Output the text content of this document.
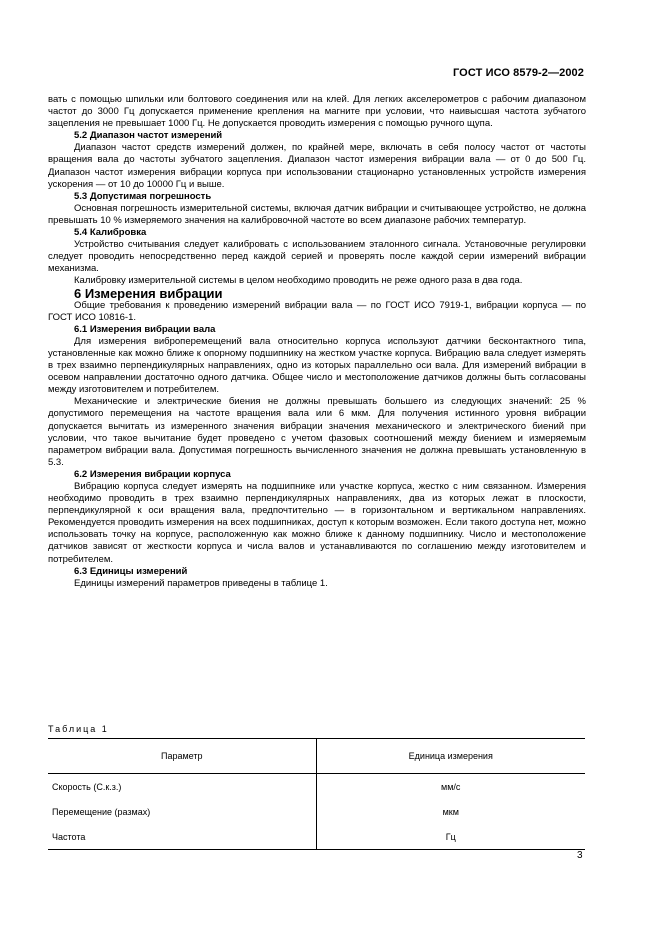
ГОСТ ИСО 8579-2—2002

вать с помощью шпильки или болтового соединения или на клей. Для легких акселерометров с рабочим диапазоном частот до 3000 Гц допускается применение крепления на магните при условии, что наивысшая частота зубчатого зацепления не превышает 1000 Гц. Не допускается проводить измерения с помощью ручного щупа.

5.2 Диапазон частот измерений

Диапазон частот средств измерений должен, по крайней мере, включать в себя полосу частот от частоты вращения вала до частоты зубчатого зацепления. Диапазон частот измерения вибрации вала — от 0 до 500 Гц. Диапазон частот измерения вибрации корпуса при использовании стационарно установленных устройств измерения ускорения — от 10 до 10000 Гц и выше.

5.3 Допустимая погрешность

Основная погрешность измерительной системы, включая датчик вибрации и считывающее устройство, не должна превышать 10 % измеряемого значения на калибровочной частоте во всем диапазоне рабочих температур.

5.4 Калибровка

Устройство считывания следует калибровать с использованием эталонного сигнала. Установочные регулировки следует проводить непосредственно перед каждой серией и проверять после каждой серии измерений вибрации механизма.

Калибровку измерительной системы в целом необходимо проводить не реже одного раза в два года.

6 Измерения вибрации

Общие требования к проведению измерений вибрации вала — по ГОСТ ИСО 7919-1, вибрации корпуса — по ГОСТ ИСО 10816-1.

6.1 Измерения вибрации вала

Для измерения виброперемещений вала относительно корпуса используют датчики бесконтактного типа, установленные как можно ближе к опорному подшипнику на жестком участке корпуса. Вибрацию вала следует измерять в трех взаимно перпендикулярных направлениях, одно из которых параллельно оси вала. Для измерений вибрации в осевом направлении достаточно одного датчика. Общее число и местоположение датчиков должны быть согласованы между изготовителем и потребителем.

Механические и электрические биения не должны превышать большего из следующих значений: 25 % допустимого перемещения на частоте вращения вала или 6 мкм. Для получения истинного уровня вибрации допускается вычитать из измеренного значения вибрации значения механического и электрического биений при условии, что такое вычитание будет проведено с учетом фазовых соотношений между биением и измеряемым параметром вибрации вала. Допустимая погрешность вычисленного значения не должна превышать установленную в 5.3.

6.2 Измерения вибрации корпуса

Вибрацию корпуса следует измерять на подшипнике или участке корпуса, жестко с ним связанном. Измерения необходимо проводить в трех взаимно перпендикулярных направлениях, два из которых лежат в плоскости, перпендикулярной к оси вращения вала, предпочтительно — в горизонтальном и вертикальном направлениях. Рекомендуется проводить измерения на всех подшипниках, доступ к которым возможен. Если такого доступа нет, можно использовать точку на корпусе, расположенную как можно ближе к данному подшипнику. Число и местоположение датчиков зависят от жесткости корпуса и числа валов и устанавливаются по соглашению между изготовителем и потребителем.

6.3 Единицы измерений

Единицы измерений параметров приведены в таблице 1.

Таблица 1
Параметр	Единица измерения
Скорость (С.к.з.)	мм/с
Перемещение (размах)	мкм
Частота	Гц
3
